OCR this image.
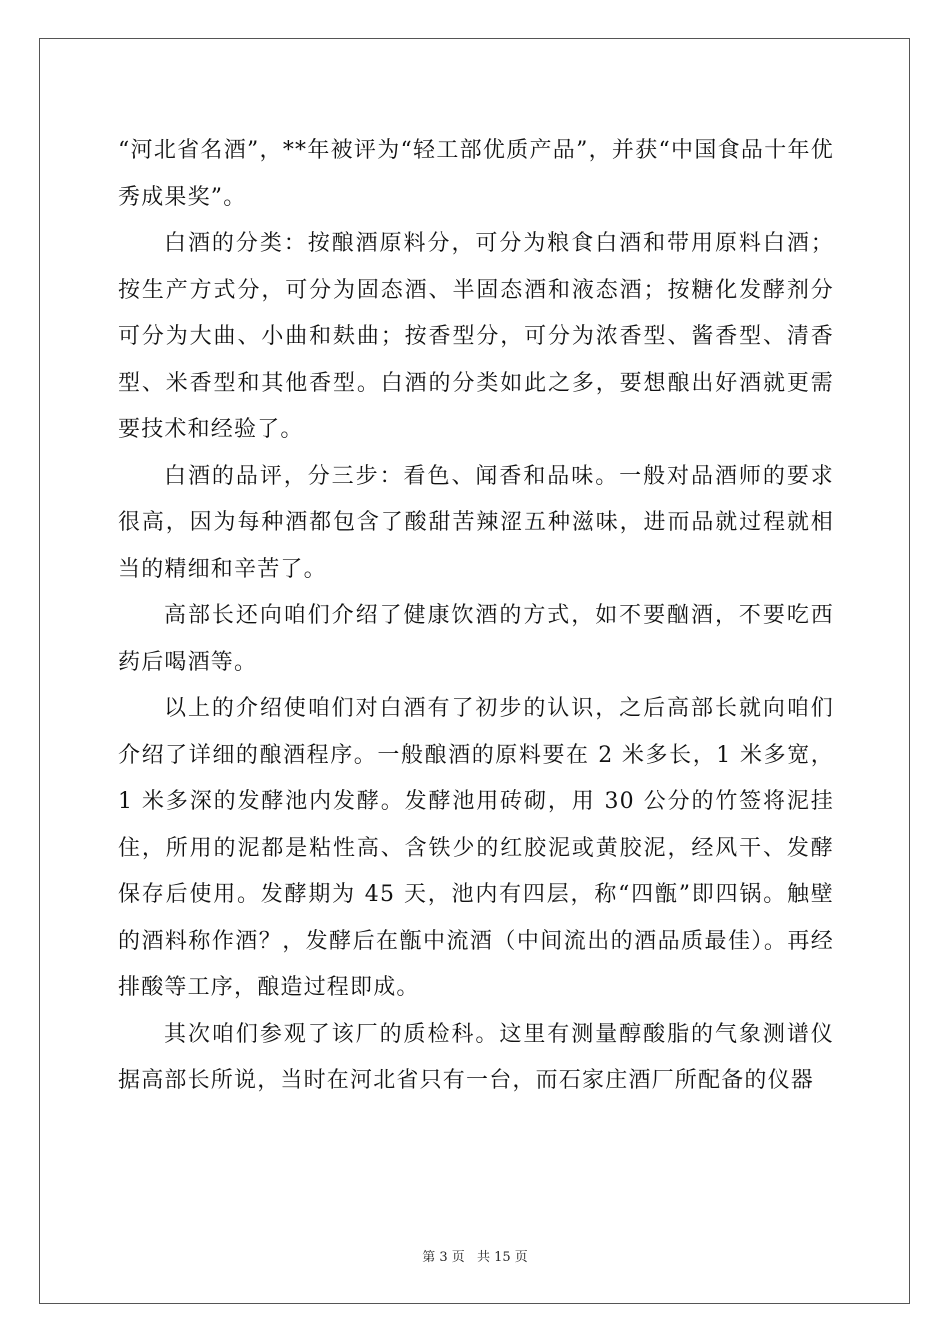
“河北省名酒”，**年被评为“轻工部优质产品”，并获“中国食品十年优秀成果奖”。

白酒的分类：按酿酒原料分，可分为粮食白酒和带用原料白酒；按生产方式分，可分为固态酒、半固态酒和液态酒；按糖化发酵剂分可分为大曲、小曲和麸曲；按香型分，可分为浓香型、酱香型、清香型、米香型和其他香型。白酒的分类如此之多，要想酿出好酒就更需要技术和经验了。

白酒的品评，分三步：看色、闻香和品味。一般对品酒师的要求很高，因为每种酒都包含了酸甜苦辣涩五种滋味，进而品就过程就相当的精细和辛苦了。

高部长还向咱们介绍了健康饮酒的方式，如不要酗酒，不要吃西药后喝酒等。

以上的介绍使咱们对白酒有了初步的认识，之后高部长就向咱们介绍了详细的酿酒程序。一般酿酒的原料要在 2 米多长，1 米多宽，1 米多深的发酵池内发酵。发酵池用砖砌，用 30 公分的竹签将泥挂住，所用的泥都是粘性高、含铁少的红胶泥或黄胶泥，经风干、发酵保存后使用。发酵期为 45 天，池内有四层，称“四甑”即四锅。触壁的酒料称作酒？，发酵后在甑中流酒（中间流出的酒品质最佳）。再经排酸等工序，酿造过程即成。

其次咱们参观了该厂的质检科。这里有测量醇酸脂的气象测谱仪据高部长所说，当时在河北省只有一台，而石家庄酒厂所配备的仪器

第 3 页 共 15 页
